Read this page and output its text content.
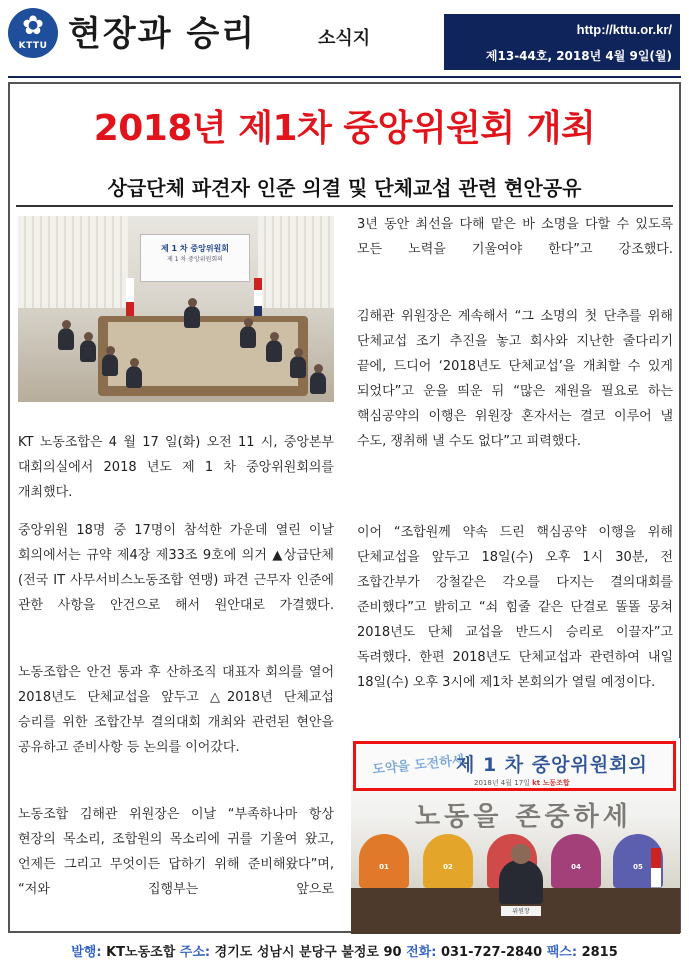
✿
KTTU 현장과 승리	소식지	http://kttu.or.kr/
제13-44호, 2018년 4월 9일(월)
2018년 제1차 중앙위원회 개최
상급단체 파견자 인준 의결 및 단체교섭 관련 현안공유
제 1 차 중앙위원회
제 1 차 중앙위원회의
KT 노동조합은 4 월 17 일(화) 오전 11 시, 중앙본부 대회의실에서 2018 년도 제 1 차 중앙위원회의를 개최했다.
중앙위원 18명 중 17명이 참석한 가운데 열린 이날 회의에서는 규약 제4장 제33조 9호에 의거 ▲상급단체(전국 IT 사무서비스노동조합 연맹) 파견 근무자 인준에 관한 사항을 안건으로 해서 원안대로 가결했다.
노동조합은 안건 통과 후 산하조직 대표자 회의를 열어 2018년도 단체교섭을 앞두고 △2018년 단체교섭 승리를 위한 조합간부 결의대회 개최와 관련된 현안을 공유하고 준비사항 등 논의를 이어갔다.
노동조합 김해관 위원장은 이날 “부족하나마 항상 현장의 목소리, 조합원의 목소리에 귀를 기울여 왔고, 언제든 그리고 무엇이든 답하기 위해 준비해왔다”며, “저와 집행부는 앞으로
3년 동안 최선을 다해 맡은 바 소명을 다할 수 있도록 모든 노력을 기울여야 한다”고 강조했다.
김해관 위원장은 계속해서 “그 소명의 첫 단추를 위해 단체교섭 조기 추진을 놓고 회사와 지난한 줄다리기 끝에, 드디어 ‘2018년도 단체교섭’을 개최할 수 있게 되었다”고 운을 띄운 뒤 “많은 재원을 필요로 하는 핵심공약의 이행은 위원장 혼자서는 결코 이루어 낼 수도, 쟁취해 낼 수도 없다”고 피력했다.
이어 “조합원께 약속 드린 핵심공약 이행을 위해 단체교섭을 앞두고 18일(수) 오후 1시 30분, 전 조합간부가 강철같은 각오를 다지는 결의대회를 준비했다”고 밝히고 “쇠 힘줄 같은 단결로 똘똘 뭉쳐 2018년도 단체 교섭을 반드시 승리로 이끌자”고 독려했다. 한편 2018년도 단체교섭과 관련하여 내일 18일(수) 오후 3시에 제1차 본회의가 열릴 예정이다.
도약을 도전하세
제 1 차 중앙위원회의
2018년 4월 17일 kt 노동조합
노동을 존중하세
01	02	04	05

위원장
발행: KT노동조합 주소: 경기도 성남시 분당구 불정로 90 전화: 031-727-2840 팩스: 2815
